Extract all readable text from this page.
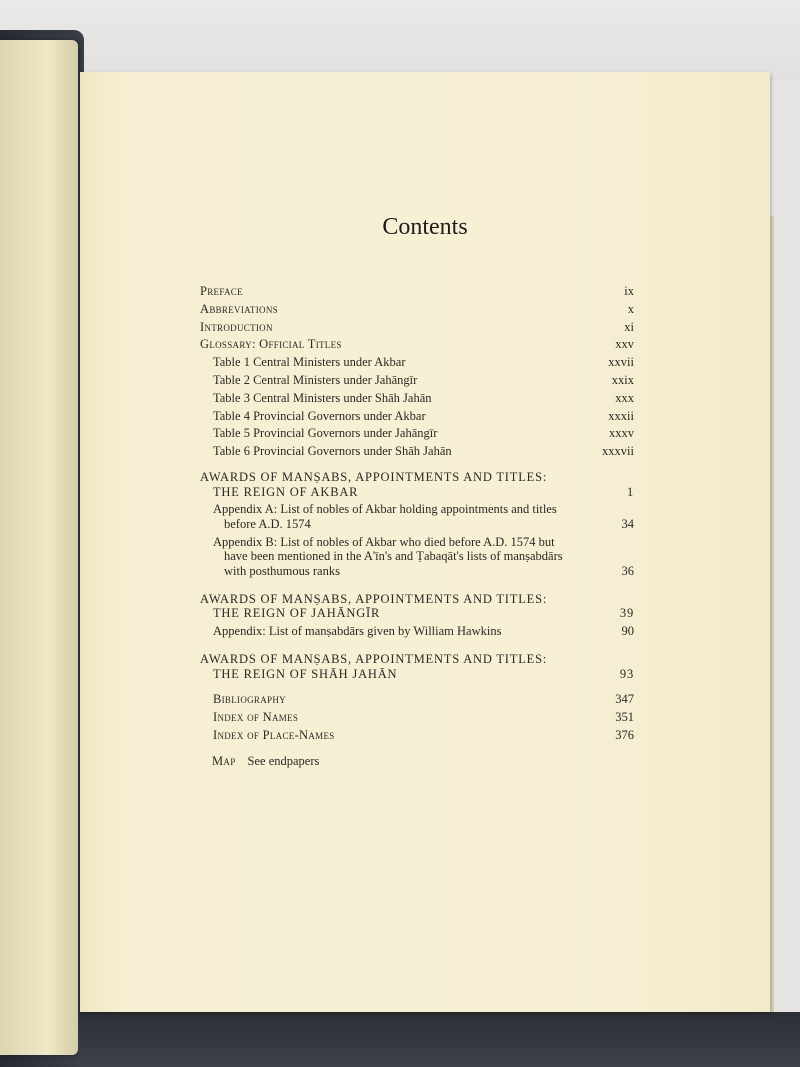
Contents
Preface	ix
Abbreviations	x
Introduction	xi
Glossary: Official Titles	xxv
Table 1 Central Ministers under Akbar	xxvii
Table 2 Central Ministers under Jahāngīr	xxix
Table 3 Central Ministers under Shāh Jahān	xxx
Table 4 Provincial Governors under Akbar	xxxii
Table 5 Provincial Governors under Jahāngīr	xxxv
Table 6 Provincial Governors under Shāh Jahān	xxxvii
AWARDS OF MANṢABS, APPOINTMENTS AND TITLES:
THE REIGN OF AKBAR	1
Appendix A: List of nobles of Akbar holding appointments and titles
before A.D. 1574	34
Appendix B: List of nobles of Akbar who died before A.D. 1574 but
have been mentioned in the A'īn's and Ṭabaqāt's lists of manṣabdārs
with posthumous ranks	36
AWARDS OF MANṢABS, APPOINTMENTS AND TITLES:
THE REIGN OF JAHĀNGĪR	39
Appendix: List of manṣabdārs given by William Hawkins	90
AWARDS OF MANṢABS, APPOINTMENTS AND TITLES:
THE REIGN OF SHĀH JAHĀN	93
Bibliography	347
Index of Names	351
Index of Place-Names	376
Map See endpapers
